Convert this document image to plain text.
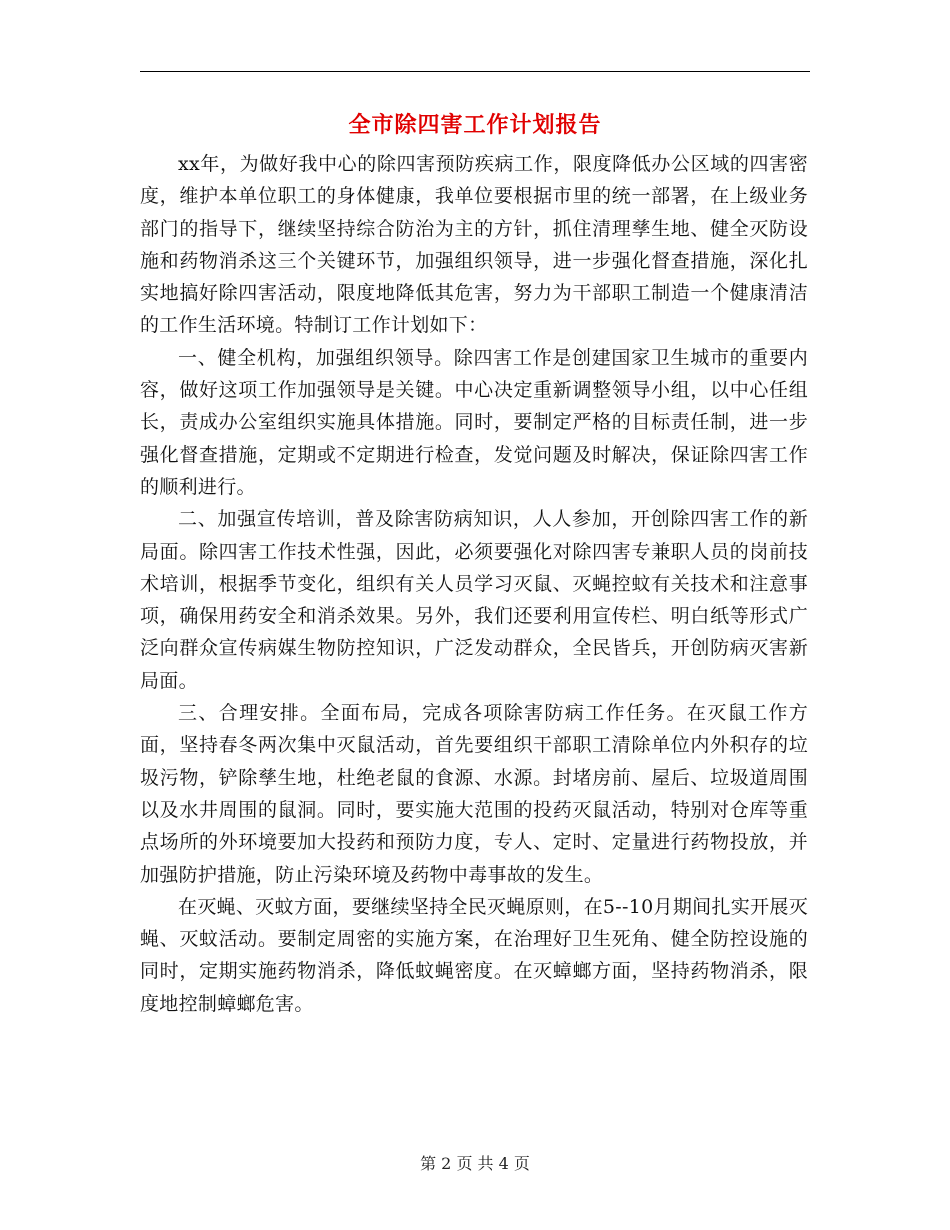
全市除四害工作计划报告

xx年，为做好我中心的除四害预防疾病工作，限度降低办公区域的四害密度，维护本单位职工的身体健康，我单位要根据市里的统一部署，在上级业务部门的指导下，继续坚持综合防治为主的方针，抓住清理孳生地、健全灭防设施和药物消杀这三个关键环节，加强组织领导，进一步强化督查措施，深化扎实地搞好除四害活动，限度地降低其危害，努力为干部职工制造一个健康清洁的工作生活环境。特制订工作计划如下：

一、健全机构，加强组织领导。除四害工作是创建国家卫生城市的重要内容，做好这项工作加强领导是关键。中心决定重新调整领导小组，以中心任组长，责成办公室组织实施具体措施。同时，要制定严格的目标责任制，进一步强化督查措施，定期或不定期进行检查，发觉问题及时解决，保证除四害工作的顺利进行。

二、加强宣传培训，普及除害防病知识，人人参加，开创除四害工作的新局面。除四害工作技术性强，因此，必须要强化对除四害专兼职人员的岗前技术培训，根据季节变化，组织有关人员学习灭鼠、灭蝇控蚊有关技术和注意事项，确保用药安全和消杀效果。另外，我们还要利用宣传栏、明白纸等形式广泛向群众宣传病媒生物防控知识，广泛发动群众，全民皆兵，开创防病灭害新局面。

三、合理安排。全面布局，完成各项除害防病工作任务。在灭鼠工作方面，坚持春冬两次集中灭鼠活动，首先要组织干部职工清除单位内外积存的垃圾污物，铲除孳生地，杜绝老鼠的食源、水源。封堵房前、屋后、垃圾道周围以及水井周围的鼠洞。同时，要实施大范围的投药灭鼠活动，特别对仓库等重点场所的外环境要加大投药和预防力度，专人、定时、定量进行药物投放，并加强防护措施，防止污染环境及药物中毒事故的发生。

在灭蝇、灭蚊方面，要继续坚持全民灭蝇原则，在5--10月期间扎实开展灭蝇、灭蚊活动。要制定周密的实施方案，在治理好卫生死角、健全防控设施的同时，定期实施药物消杀，降低蚊蝇密度。在灭蟑螂方面，坚持药物消杀，限度地控制蟑螂危害。

第 2 页 共 4 页
